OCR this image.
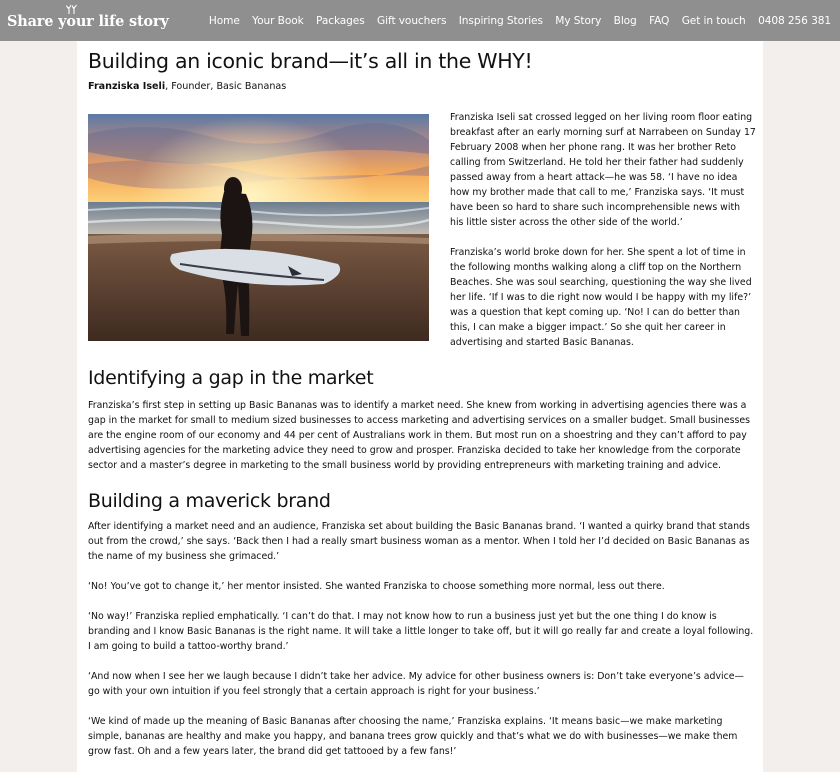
Share your life story	Home Your Book Packages Gift vouchers Inspiring Stories My Story Blog FAQ Get in touch 0408 256 381
Building an iconic brand—it’s all in the WHY!
Franziska Iseli, Founder, Basic Bananas

Franziska Iseli sat crossed legged on her living room floor eating breakfast after an early morning surf at Narrabeen on Sunday 17 February 2008 when her phone rang. It was her brother Reto calling from Switzerland. He told her their father had suddenly passed away from a heart attack—he was 58. ‘I have no idea how my brother made that call to me,’ Franziska says. ‘It must have been so hard to share such incomprehensible news with his little sister across the other side of the world.’

Franziska’s world broke down for her. She spent a lot of time in the following months walking along a cliff top on the Northern Beaches. She was soul searching, questioning the way she lived her life. ‘If I was to die right now would I be happy with my life?’ was a question that kept coming up. ‘No! I can do better than this, I can make a bigger impact.’ So she quit her career in advertising and started Basic Bananas.

Identifying a gap in the market

Franziska’s first step in setting up Basic Bananas was to identify a market need. She knew from working in advertising agencies there was a gap in the market for small to medium sized businesses to access marketing and advertising services on a smaller budget. Small businesses are the engine room of our economy and 44 per cent of Australians work in them. But most run on a shoestring and they can’t afford to pay advertising agencies for the marketing advice they need to grow and prosper. Franziska decided to take her knowledge from the corporate sector and a master’s degree in marketing to the small business world by providing entrepreneurs with marketing training and advice.

Building a maverick brand

After identifying a market need and an audience, Franziska set about building the Basic Bananas brand. ‘I wanted a quirky brand that stands out from the crowd,’ she says. ‘Back then I had a really smart business woman as a mentor. When I told her I’d decided on Basic Bananas as the name of my business she grimaced.’

‘No! You’ve got to change it,’ her mentor insisted. She wanted Franziska to choose something more normal, less out there.

‘No way!’ Franziska replied emphatically. ‘I can’t do that. I may not know how to run a business just yet but the one thing I do know is branding and I know Basic Bananas is the right name. It will take a little longer to take off, but it will go really far and create a loyal following. I am going to build a tattoo-worthy brand.’

‘And now when I see her we laugh because I didn’t take her advice. My advice for other business owners is: Don’t take everyone’s advice—go with your own intuition if you feel strongly that a certain approach is right for your business.’

‘We kind of made up the meaning of Basic Bananas after choosing the name,’ Franziska explains. ‘It means basic—we make marketing simple, bananas are healthy and make you happy, and banana trees grow quickly and that’s what we do with businesses—we make them grow fast. Oh and a few years later, the brand did get tattooed by a few fans!’
